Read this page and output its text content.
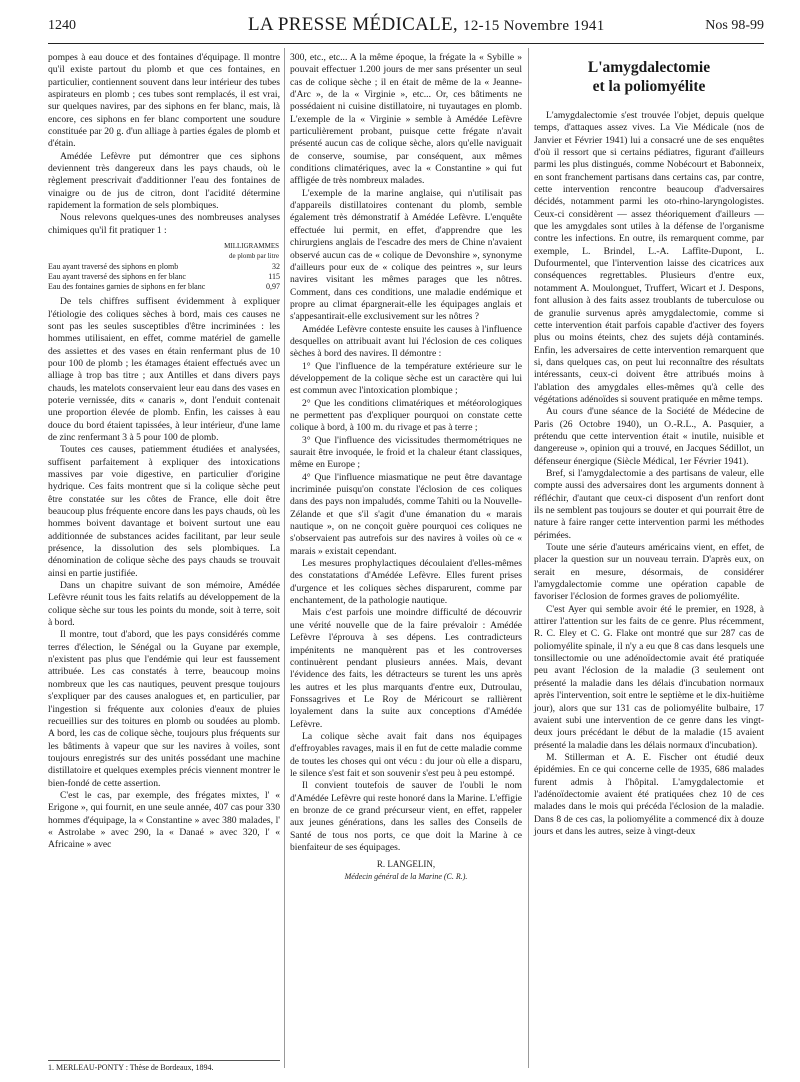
1240	LA PRESSE MÉDICALE, 12-15 Novembre 1941	Nos 98-99

pompes à eau douce et des fontaines d'équipage. Il montre qu'il existe partout du plomb et que ces fontaines, en particulier, contiennent souvent dans leur intérieur des tubes aspirateurs en plomb ; ces tubes sont remplacés, il est vrai, sur quelques navires, par des siphons en fer blanc, mais, là encore, ces siphons en fer blanc comportent une soudure constituée par 20 g. d'un alliage à parties égales de plomb et d'étain.

Amédée Lefèvre put démontrer que ces siphons deviennent très dangereux dans les pays chauds, où le règlement prescrivait d'additionner l'eau des fontaines de vinaigre ou de jus de citron, dont l'acidité détermine rapidement la formation de sels plombiques.

Nous relevons quelques-unes des nombreuses analyses chimiques qu'il fit pratiquer 1 :

	MILLIGRAMMES de plomb par litre
Eau ayant traversé des siphons en plomb	32
Eau ayant traversé des siphons en fer blanc	115
Eau des fontaines garnies de siphons en fer blanc	0,97

De tels chiffres suffisent évidemment à expliquer l'étiologie des coliques sèches à bord, mais ces causes ne sont pas les seules susceptibles d'être incriminées : les hommes utilisaient, en effet, comme matériel de gamelle des assiettes et des vases en étain renfermant plus de 10 pour 100 de plomb ; les étamages étaient effectués avec un alliage à trop bas titre ; aux Antilles et dans divers pays chauds, les matelots conservaient leur eau dans des vases en poterie vernissée, dits « canaris », dont l'enduit contenait une proportion élevée de plomb. Enfin, les caisses à eau douce du bord étaient tapissées, à leur intérieur, d'une lame de zinc renfermant 3 à 5 pour 100 de plomb.

Toutes ces causes, patiemment étudiées et analysées, suffisent parfaitement à expliquer des intoxications massives par voie digestive, en particulier d'origine hydrique. Ces faits montrent que si la colique sèche peut être constatée sur les côtes de France, elle doit être beaucoup plus fréquente encore dans les pays chauds, où les hommes boivent davantage et boivent surtout une eau additionnée de substances acides facilitant, par leur seule présence, la dissolution des sels plombiques. La dénomination de colique sèche des pays chauds se trouvait ainsi en partie justifiée.

Dans un chapitre suivant de son mémoire, Amédée Lefèvre réunit tous les faits relatifs au développement de la colique sèche sur tous les points du monde, soit à terre, soit à bord.

Il montre, tout d'abord, que les pays considérés comme terres d'élection, le Sénégal ou la Guyane par exemple, n'existent pas plus que l'endémie qui leur est faussement attribuée. Les cas constatés à terre, beaucoup moins nombreux que les cas nautiques, peuvent presque toujours s'expliquer par des causes analogues et, en particulier, par l'ingestion si fréquente aux colonies d'eaux de pluies recueillies sur des toitures en plomb ou soudées au plomb. A bord, les cas de colique sèche, toujours plus fréquents sur les bâtiments à vapeur que sur les navires à voiles, sont toujours enregistrés sur des unités possédant une machine distillatoire et quelques exemples précis viennent montrer le bien-fondé de cette assertion.

C'est le cas, par exemple, des frégates mixtes, l' « Erigone », qui fournit, en une seule année, 407 cas pour 330 hommes d'équipage, la « Constantine » avec 380 malades, l' « Astrolabe » avec 290, la « Danaé » avec 320, l' « Africaine » avec

300, etc., etc... A la même époque, la frégate la « Sybille » pouvait effectuer 1.200 jours de mer sans présenter un seul cas de colique sèche ; il en était de même de la « Jeanne-d'Arc », de la « Virginie », etc... Or, ces bâtiments ne possédaient ni cuisine distillatoire, ni tuyautages en plomb. L'exemple de la « Virginie » semble à Amédée Lefèvre particulièrement probant, puisque cette frégate n'avait présenté aucun cas de colique sèche, alors qu'elle naviguait de conserve, soumise, par conséquent, aux mêmes conditions climatériques, avec la « Constantine » qui fut affligée de très nombreux malades.

L'exemple de la marine anglaise, qui n'utilisait pas d'appareils distillatoires contenant du plomb, semble également très démonstratif à Amédée Lefèvre. L'enquête effectuée lui permit, en effet, d'apprendre que les chirurgiens anglais de l'escadre des mers de Chine n'avaient observé aucun cas de « colique de Devonshire », synonyme d'ailleurs pour eux de « colique des peintres », sur leurs navires visitant les mêmes parages que les nôtres. Comment, dans ces conditions, une maladie endémique et propre au climat épargnerait-elle les équipages anglais et s'appesantirait-elle exclusivement sur les nôtres ?

Amédée Lefèvre conteste ensuite les causes à l'influence desquelles on attribuait avant lui l'éclosion de ces coliques sèches à bord des navires. Il démontre :

1° Que l'influence de la température extérieure sur le développement de la colique sèche est un caractère qui lui est commun avec l'intoxication plombique ;

2° Que les conditions climatériques et météorologiques ne permettent pas d'expliquer pourquoi on constate cette colique à bord, à 100 m. du rivage et pas à terre ;

3° Que l'influence des vicissitudes thermométriques ne saurait être invoquée, le froid et la chaleur étant classiques, même en Europe ;

4° Que l'influence miasmatique ne peut être davantage incriminée puisqu'on constate l'éclosion de ces coliques dans des pays non impaludés, comme Tahiti ou la Nouvelle-Zélande et que s'il s'agit d'une émanation du « marais nautique », on ne conçoit guère pourquoi ces coliques ne s'observaient pas autrefois sur des navires à voiles où ce « marais » existait cependant.

Les mesures prophylactiques découlaient d'elles-mêmes des constatations d'Amédée Lefèvre. Elles furent prises d'urgence et les coliques sèches disparurent, comme par enchantement, de la pathologie nautique.

Mais c'est parfois une moindre difficulté de découvrir une vérité nouvelle que de la faire prévaloir : Amédée Lefèvre l'éprouva à ses dépens. Les contradicteurs impénitents ne manquèrent pas et les controverses continuèrent pendant plusieurs années. Mais, devant l'évidence des faits, les détracteurs se turent les uns après les autres et les plus marquants d'entre eux, Dutroulau, Fonssagrives et Le Roy de Méricourt se rallièrent loyalement dans la suite aux conceptions d'Amédée Lefèvre.

La colique sèche avait fait dans nos équipages d'effroyables ravages, mais il en fut de cette maladie comme de toutes les choses qui ont vécu : du jour où elle a disparu, le silence s'est fait et son souvenir s'est peu à peu estompé.

Il convient toutefois de sauver de l'oubli le nom d'Amédée Lefèvre qui reste honoré dans la Marine. L'effigie en bronze de ce grand précurseur vient, en effet, rappeler aux jeunes générations, dans les salles des Conseils de Santé de tous nos ports, ce que doit la Marine à ce bienfaiteur de ses équipages.

R. LANGELIN,
Médecin général de la Marine (C. R.).
L'amygdalectomie
et la poliomyélite

L'amygdalectomie s'est trouvée l'objet, depuis quelque temps, d'attaques assez vives. La Vie Médicale (nos de Janvier et Février 1941) lui a consacré une de ses enquêtes d'où il ressort que si certains pédiatres, figurant d'ailleurs parmi les plus distingués, comme Nobécourt et Babonneix, en sont franchement partisans dans certains cas, par contre, cette intervention rencontre beaucoup d'adversaires décidés, notamment parmi les oto-rhino-laryngologistes. Ceux-ci considèrent — assez théoriquement d'ailleurs — que les amygdales sont utiles à la défense de l'organisme contre les infections. En outre, ils remarquent comme, par exemple, L. Brindel, L.-A. Laffite-Dupont, L. Dufourmentel, que l'intervention laisse des cicatrices aux conséquences regrettables. Plusieurs d'entre eux, notamment A. Moulonguet, Truffert, Wicart et J. Despons, font allusion à des faits assez troublants de tuberculose ou de granulie survenus après amygdalectomie, comme si cette intervention était parfois capable d'activer des foyers plus ou moins éteints, chez des sujets déjà contaminés. Enfin, les adversaires de cette intervention remarquent que si, dans quelques cas, on peut lui reconnaître des résultats intéressants, ceux-ci doivent être attribués moins à l'ablation des amygdales elles-mêmes qu'à celle des végétations adénoïdes si souvent pratiquée en même temps.

Au cours d'une séance de la Société de Médecine de Paris (26 Octobre 1940), un O.-R.L., A. Pasquier, a prétendu que cette intervention était « inutile, nuisible et dangereuse », opinion qui a trouvé, en Jacques Sédillot, un défenseur énergique (Siècle Médical, 1er Février 1941).

Bref, si l'amygdalectomie a des partisans de valeur, elle compte aussi des adversaires dont les arguments donnent à réfléchir, d'autant que ceux-ci disposent d'un renfort dont ils ne semblent pas toujours se douter et qui pourrait être de nature à faire ranger cette intervention parmi les méthodes périmées.

Toute une série d'auteurs américains vient, en effet, de placer la question sur un nouveau terrain. D'après eux, on serait en mesure, désormais, de considérer l'amygdalectomie comme une opération capable de favoriser l'éclosion de formes graves de poliomyélite.

C'est Ayer qui semble avoir été le premier, en 1928, à attirer l'attention sur les faits de ce genre. Plus récemment, R. C. Eley et C. G. Flake ont montré que sur 287 cas de poliomyélite spinale, il n'y a eu que 8 cas dans lesquels une tonsillectomie ou une adénoïdectomie avait été pratiquée peu avant l'éclosion de la maladie (3 seulement ont présenté la maladie dans les délais d'incubation normaux après l'intervention, soit entre le septième et le dix-huitième jour), alors que sur 131 cas de poliomyélite bulbaire, 17 avaient subi une intervention de ce genre dans les vingt-deux jours précédant le début de la maladie (15 avaient présenté la maladie dans les délais normaux d'incubation).

M. Stillerman et A. E. Fischer ont étudié deux épidémies. En ce qui concerne celle de 1935, 686 malades furent admis à l'hôpital. L'amygdalectomie et l'adénoïdectomie avaient été pratiquées chez 10 de ces malades dans le mois qui précéda l'éclosion de la maladie. Dans 8 de ces cas, la poliomyélite a commencé dix à douze jours et dans les autres, seize à vingt-deux

1. MERLEAU-PONTY : Thèse de Bordeaux, 1894.
